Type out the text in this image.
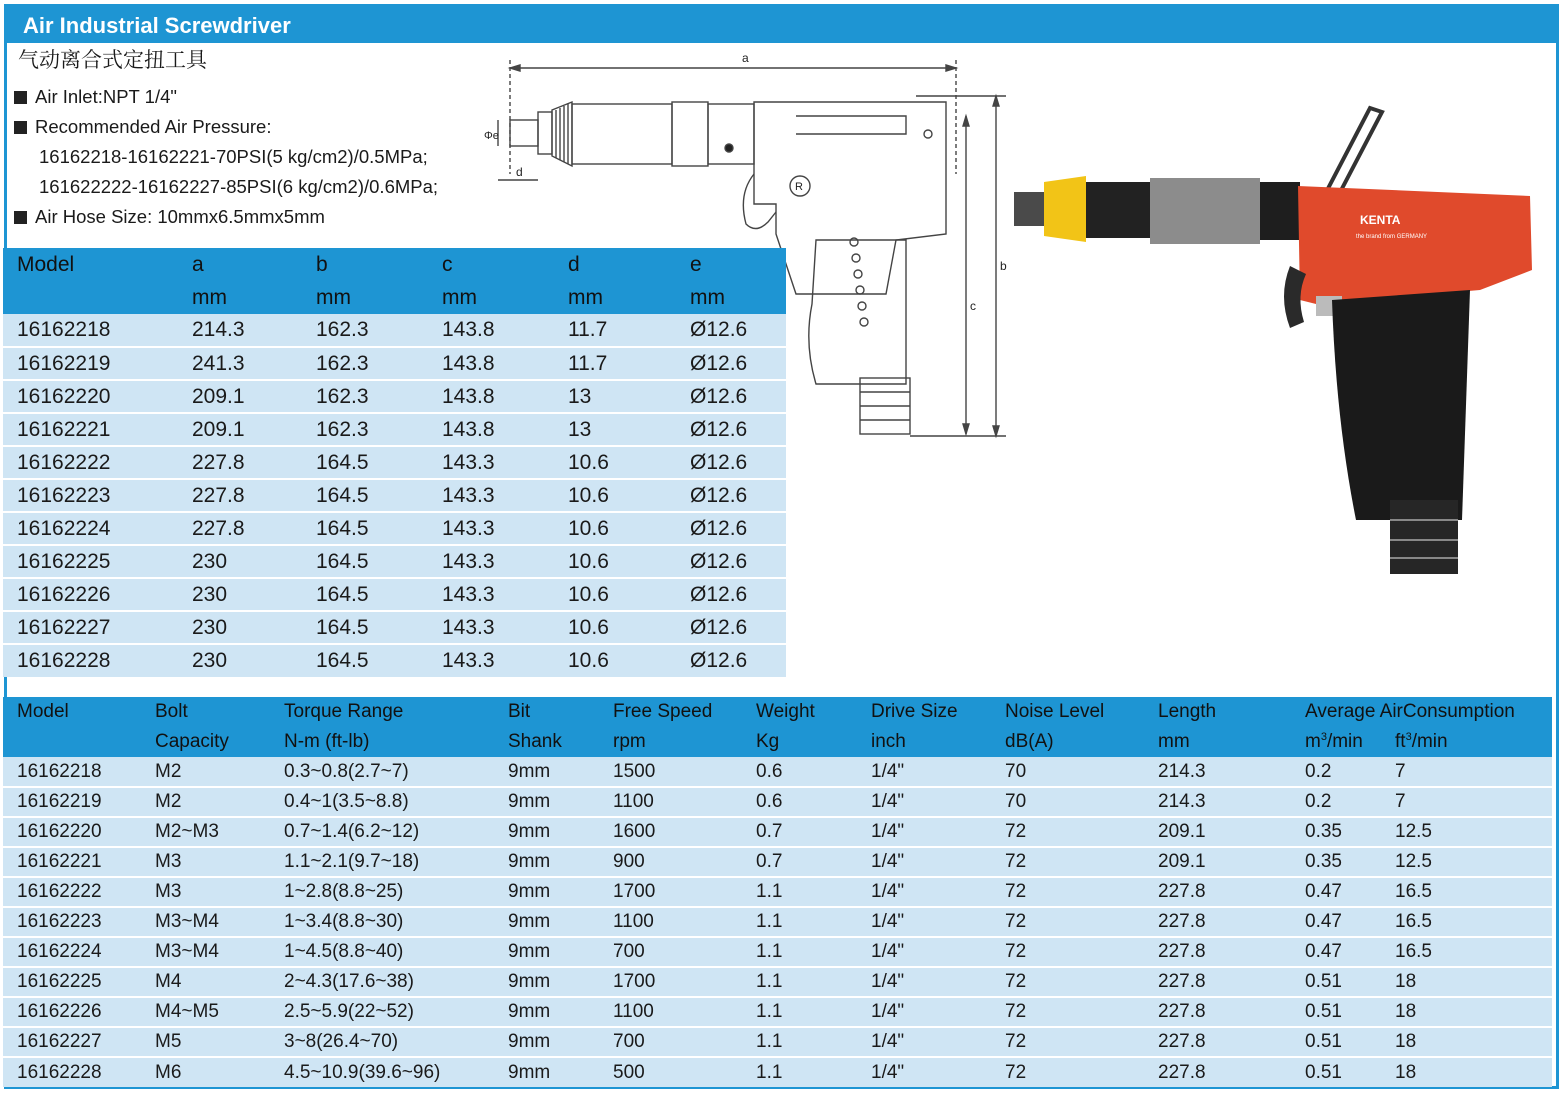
Air Industrial Screwdriver
气动离合式定扭工具
Air Inlet:NPT 1/4"
Recommended Air Pressure:
16162218-16162221-70PSI(5 kg/cm2)/0.5MPa;
161622222-16162227-85PSI(6 kg/cm2)/0.6MPa;
Air Hose Size: 10mmx6.5mmx5mm
a
b
c
d
Φe
R
KENTA
the brand from GERMANY
Model	a	b	c	d	e
	mm	mm	mm	mm	mm
16162218	214.3	162.3	143.8	11.7	Ø12.6
16162219	241.3	162.3	143.8	11.7	Ø12.6
16162220	209.1	162.3	143.8	13	Ø12.6
16162221	209.1	162.3	143.8	13	Ø12.6
16162222	227.8	164.5	143.3	10.6	Ø12.6
16162223	227.8	164.5	143.3	10.6	Ø12.6
16162224	227.8	164.5	143.3	10.6	Ø12.6
16162225	230	164.5	143.3	10.6	Ø12.6
16162226	230	164.5	143.3	10.6	Ø12.6
16162227	230	164.5	143.3	10.6	Ø12.6
16162228	230	164.5	143.3	10.6	Ø12.6
Model	Bolt	Torque Range	Bit	Free Speed	Weight	Drive Size	Noise Level	Length	Average AirConsumption	
	Capacity	N-m (ft-lb)	Shank	rpm	Kg	inch	dB(A)	mm	$m^3/\min$	$ft^3/\min$
16162218	M2	0.3~0.8(2.7~7)	9mm	1500	0.6	1/4"	70	214.3	0.2	7
16162219	M2	0.4~1(3.5~8.8)	9mm	1100	0.6	1/4"	70	214.3	0.2	7
16162220	M2~M3	0.7~1.4(6.2~12)	9mm	1600	0.7	1/4"	72	209.1	0.35	12.5
16162221	M3	1.1~2.1(9.7~18)	9mm	900	0.7	1/4"	72	209.1	0.35	12.5
16162222	M3	1~2.8(8.8~25)	9mm	1700	1.1	1/4"	72	227.8	0.47	16.5
16162223	M3~M4	1~3.4(8.8~30)	9mm	1100	1.1	1/4"	72	227.8	0.47	16.5
16162224	M3~M4	1~4.5(8.8~40)	9mm	700	1.1	1/4"	72	227.8	0.47	16.5
16162225	M4	2~4.3(17.6~38)	9mm	1700	1.1	1/4"	72	227.8	0.51	18
16162226	M4~M5	2.5~5.9(22~52)	9mm	1100	1.1	1/4"	72	227.8	0.51	18
16162227	M5	3~8(26.4~70)	9mm	700	1.1	1/4"	72	227.8	0.51	18
16162228	M6	4.5~10.9(39.6~96)	9mm	500	1.1	1/4"	72	227.8	0.51	18
